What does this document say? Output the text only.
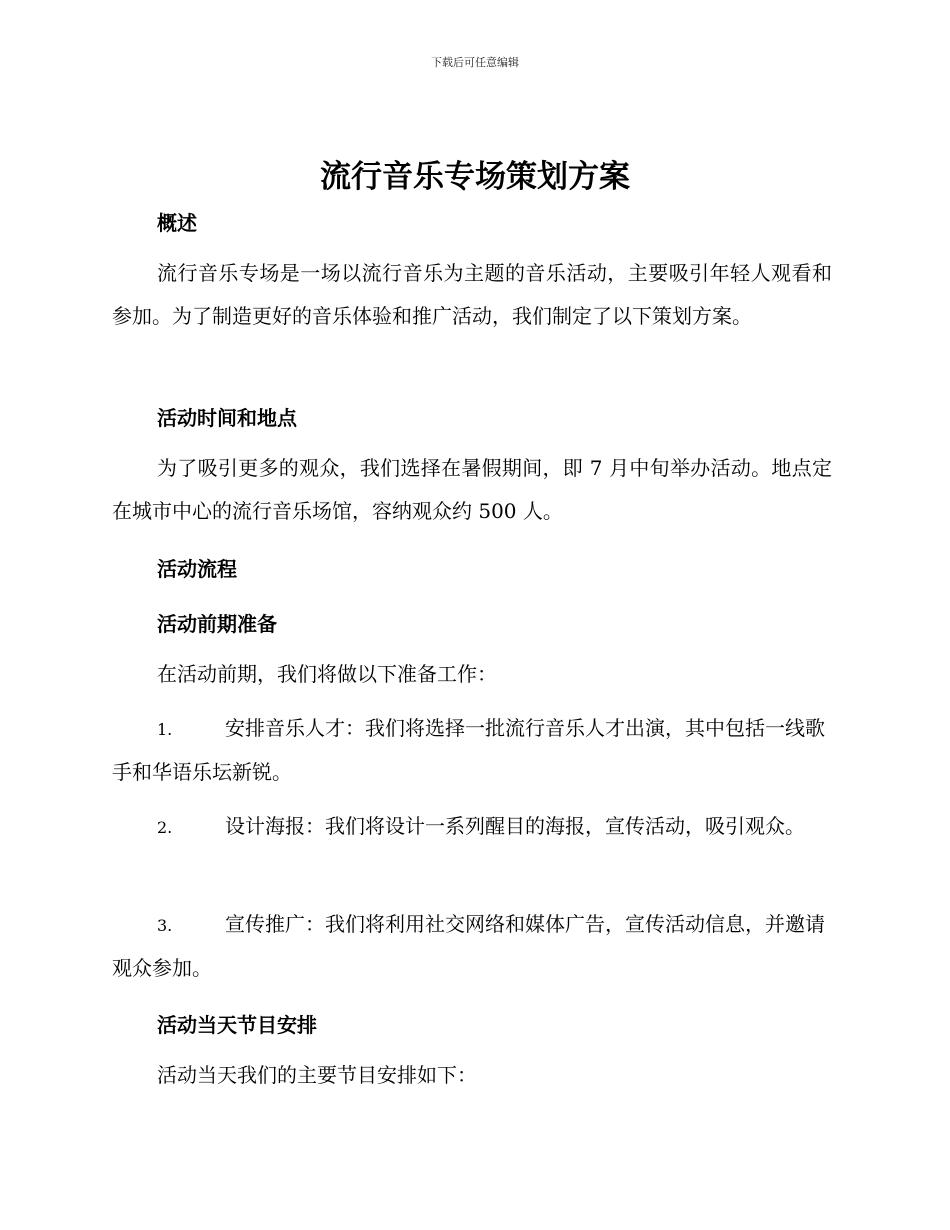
下载后可任意编辑
流行音乐专场策划方案
概述

流行音乐专场是一场以流行音乐为主题的音乐活动，主要吸引年轻人观看和参加。为了制造更好的音乐体验和推广活动，我们制定了以下策划方案。

活动时间和地点

为了吸引更多的观众，我们选择在暑假期间，即 7 月中旬举办活动。地点定在城市中心的流行音乐场馆，容纳观众约 500 人。

活动流程
活动前期准备

在活动前期，我们将做以下准备工作：

1.	安排音乐人才：我们将选择一批流行音乐人才出演，其中包括一线歌手和华语乐坛新锐。

2.	设计海报：我们将设计一系列醒目的海报，宣传活动，吸引观众。

3.	宣传推广：我们将利用社交网络和媒体广告，宣传活动信息，并邀请观众参加。

活动当天节目安排

活动当天我们的主要节目安排如下：
